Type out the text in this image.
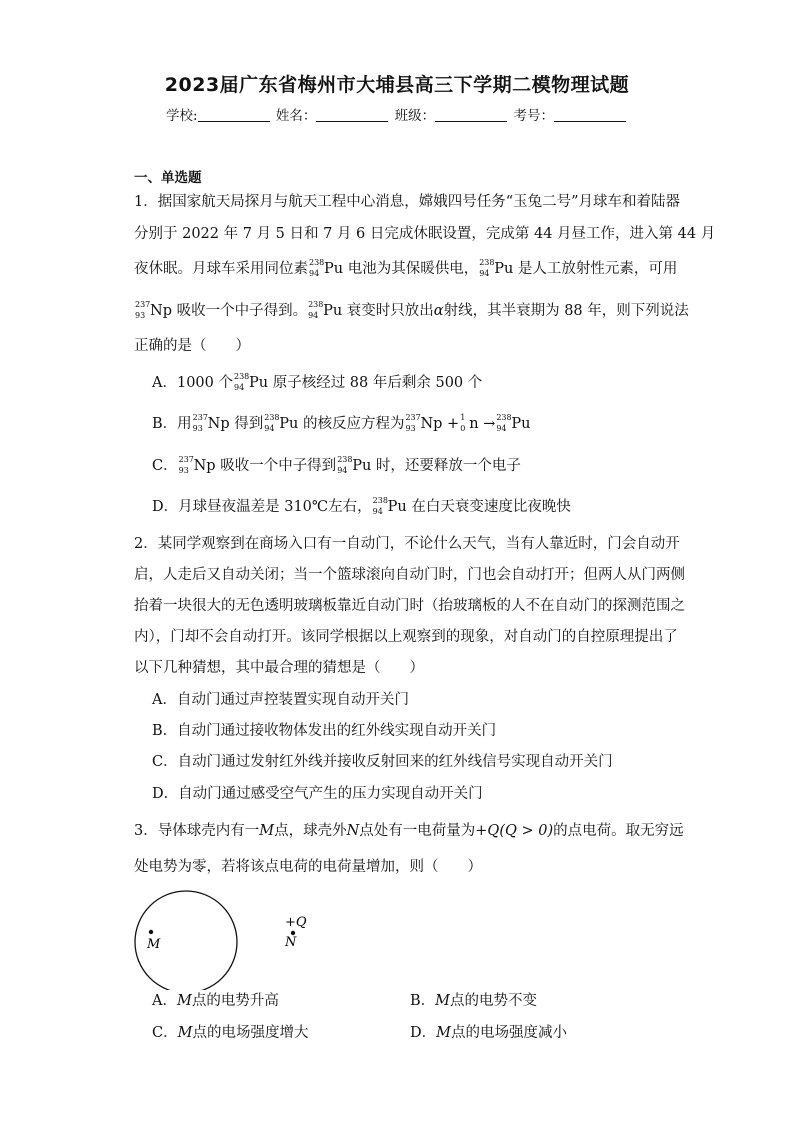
2023届广东省梅州市大埔县高三下学期二模物理试题
学校:	姓名：	班级：	考号：
一、单选题
1．据国家航天局探月与航天工程中心消息，嫦娥四号任务“玉兔二号”月球车和着陆器
分别于 2022 年 7 月 5 日和 7 月 6 日完成休眠设置，完成第 44 月昼工作，进入第 44 月
夜休眠。月球车采用同位素 238
94 Pu 电池为其保暖供电， 238
94 Pu 是人工放射性元素，可用
237
93 Np 吸收一个中子得到。 238
94 Pu 衰变时只放出α射线，其半衰期为 88 年，则下列说法
正确的是（　　）
A．1000 个 238
94 Pu 原子核经过 88 年后剩余 500 个
B．用 237
93 Np 得到 238
94 Pu 的核反应方程为 237
93 Np + 1
0 n → 238
94 Pu
C． 237
93 Np 吸收一个中子得到 238
94 Pu 时，还要释放一个电子
D．月球昼夜温差是 310℃左右， 238
94 Pu 在白天衰变速度比夜晚快
2．某同学观察到在商场入口有一自动门，不论什么天气，当有人靠近时，门会自动开
启，人走后又自动关闭；当一个篮球滚向自动门时，门也会自动打开；但两人从门两侧
抬着一块很大的无色透明玻璃板靠近自动门时（抬玻璃板的人不在自动门的探测范围之
内），门却不会自动打开。该同学根据以上观察到的现象，对自动门的自控原理提出了
以下几种猜想，其中最合理的猜想是（　　）
A．自动门通过声控装置实现自动开关门
B．自动门通过接收物体发出的红外线实现自动开关门
C．自动门通过发射红外线并接收反射回来的红外线信号实现自动开关门
D．自动门通过感受空气产生的压力实现自动开关门
3．导体球壳内有一M点，球壳外N点处有一电荷量为+Q(Q > 0)的点电荷。取无穷远
处电势为零，若将该点电荷的电荷量增加，则（　　）
M
+Q
N
A．M点的电势升高	B．M点的电势不变
C．M点的电场强度增大	D．M点的电场强度减小
